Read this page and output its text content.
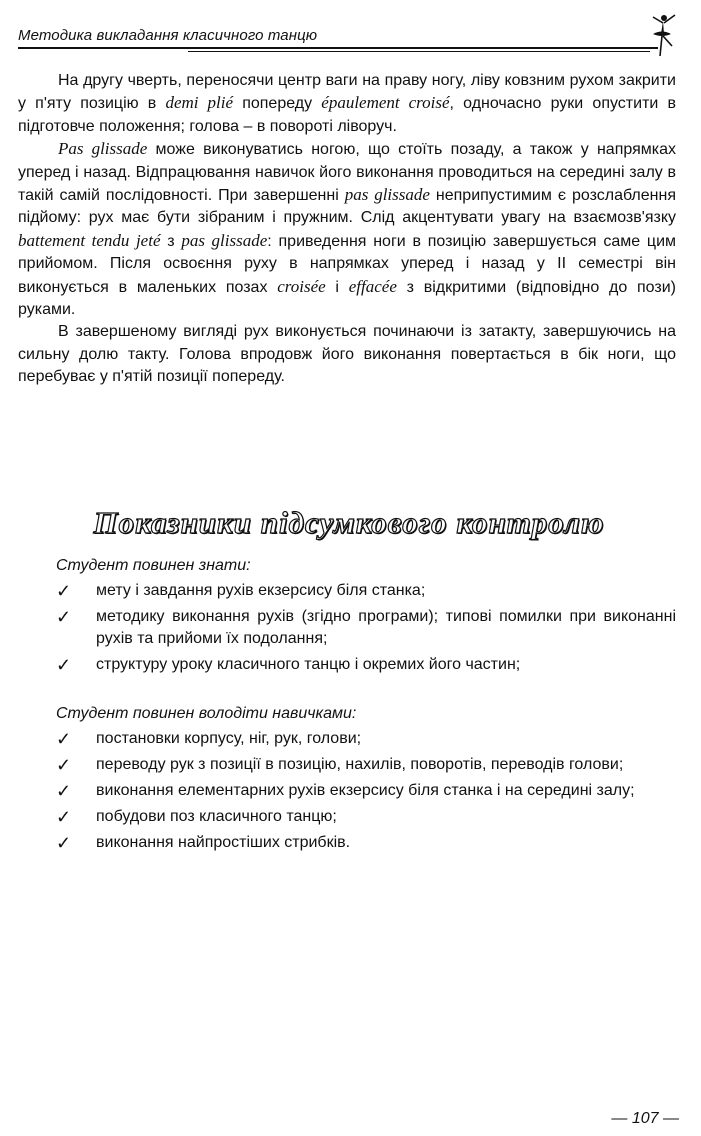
Методика викладання класичного танцю

На другу чверть, переносячи центр ваги на праву ногу, ліву ковзним рухом закрити у п'яту позицію в demi plié попереду épaulement croisé, одночасно руки опустити в підготовче положення; голова – в повороті ліворуч.

Pas glissade може виконуватись ногою, що стоїть позаду, а також у напрямках уперед і назад. Відпрацювання навичок його виконання проводиться на середині залу в такій самій послідовності. При завершенні pas glissade неприпустимим є розслаблення підйому: рух має бути зібраним і пружним. Слід акцентувати увагу на взаємозв'язку battement tendu jeté з pas glissade: приведення ноги в позицію завершується саме цим прийомом. Після освоєння руху в напрямках уперед і назад у ІІ семестрі він виконується в маленьких позах croisée і effacée з відкритими (відповідно до пози) руками.

В завершеному вигляді рух виконується починаючи із затакту, завершуючись на сильну долю такту. Голова впродовж його виконання повертається в бік ноги, що перебуває у п'ятій позиції попереду.

Показники підсумкового контролю
Студент повинен знати:
✓ мету і завдання рухів екзерсису біля станка;
✓ методику виконання рухів (згідно програми); типові помилки при виконанні рухів та прийоми їх подолання;
✓ структуру уроку класичного танцю і окремих його частин;
Студент повинен володіти навичками:
✓ постановки корпусу, ніг, рук, голови;
✓ переводу рук з позиції в позицію, нахилів, поворотів, переводів голови;
✓ виконання елементарних рухів екзерсису біля станка і на середині залу;
✓ побудови поз класичного танцю;
✓ виконання найпростіших стрибків.
— 107 —
